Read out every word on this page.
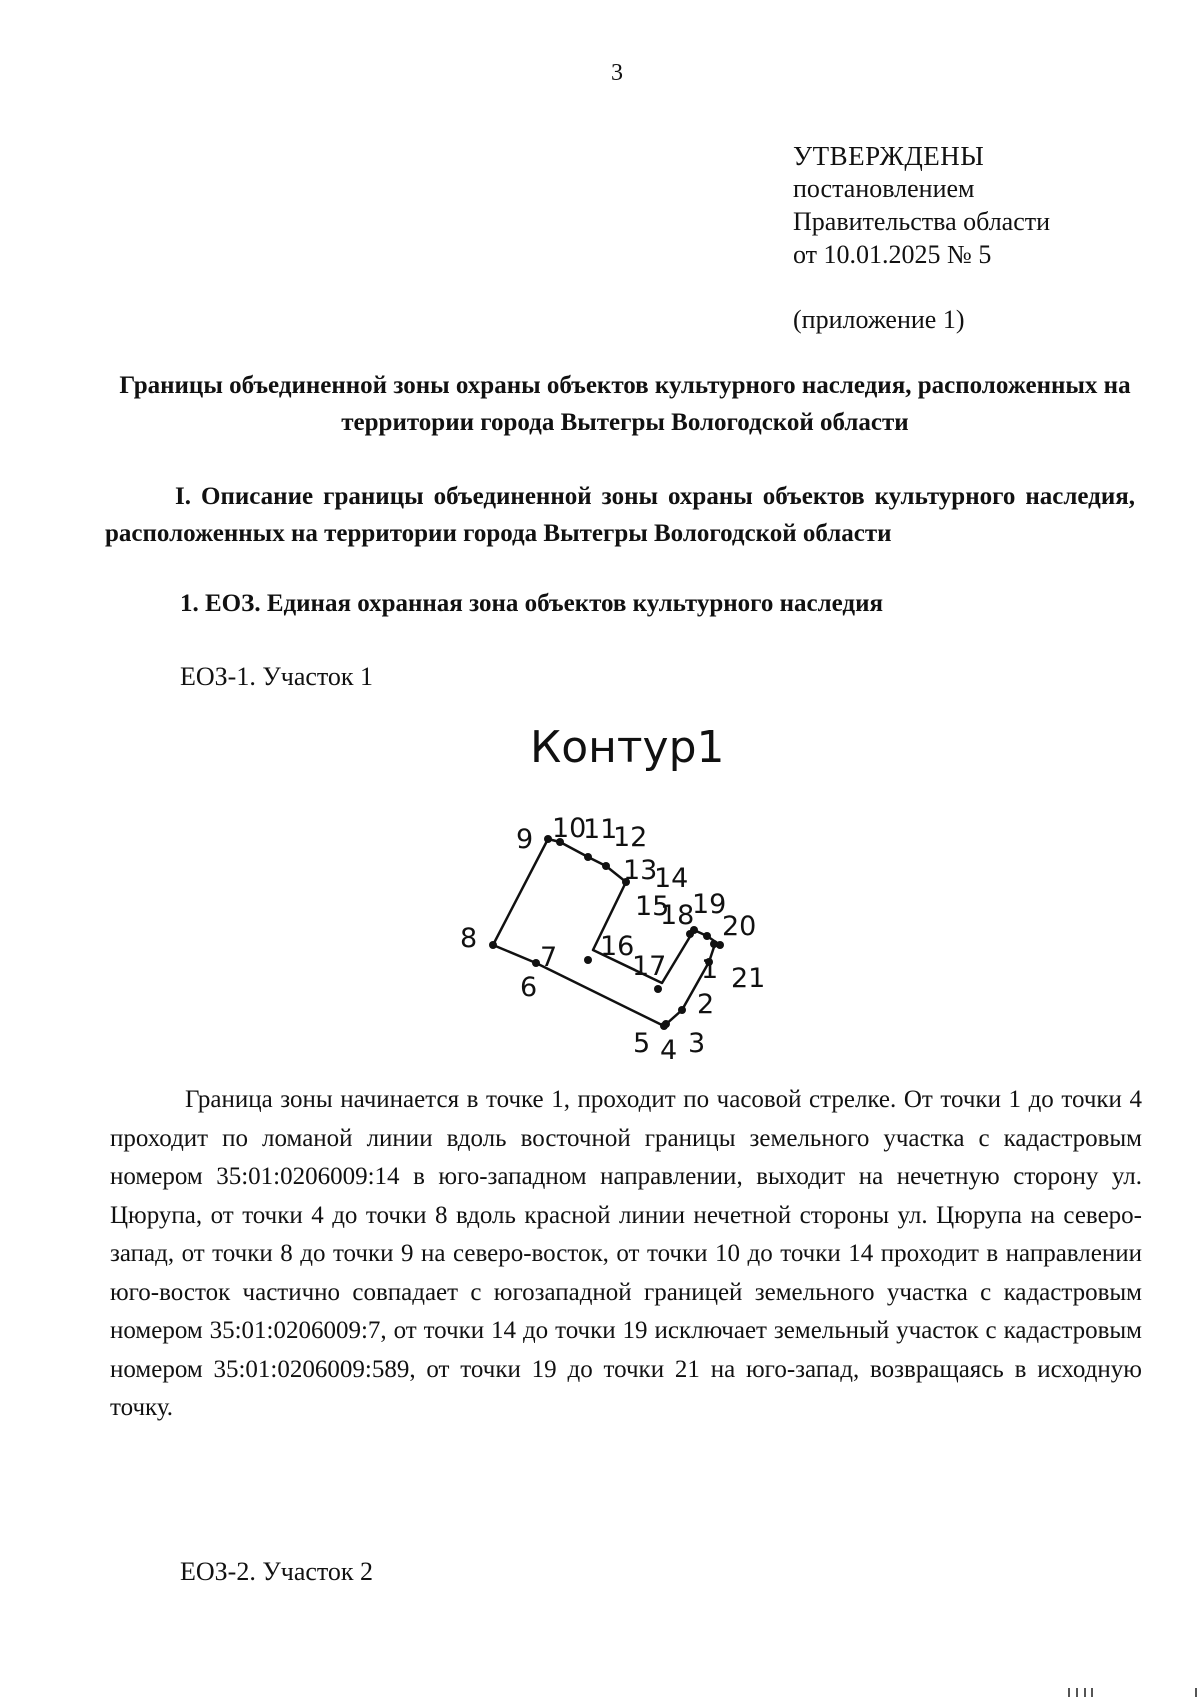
3
УТВЕРЖДЕНЫ
постановлением
Правительства области
от 10.01.2025 № 5
(приложение 1)
Границы объединенной зоны охраны объектов культурного наследия, расположенных на территории города Вытегры Вологодской области
I. Описание границы объединенной зоны охраны объектов культурного наследия, расположенных на территории города Вытегры Вологодской области
1. ЕОЗ. Единая охранная зона объектов культурного наследия
ЕОЗ-1. Участок 1
Контур1
1
2
3
4
5
6
7
8
9 10
11
12
13
14
15
16
17
18
19
20
21
Граница зоны начинается в точке 1, проходит по часовой стрелке. От точки 1 до точки 4 проходит по ломаной линии вдоль восточной границы земельного участка с кадастровым номером 35:01:0206009:14 в юго-западном направлении, выходит на нечетную сторону ул. Цюрупа, от точки 4 до точки 8 вдоль красной линии нечетной стороны ул. Цюрупа на северо-запад, от точки 8 до точки 9 на северо-восток, от точки 10 до точки 14 проходит в направлении юго-восток частично совпадает с югозападной границей земельного участка с кадастровым номером 35:01:0206009:7, от точки 14 до точки 19 исключает земельный участок с кадастровым номером 35:01:0206009:589, от точки 19 до точки 21 на юго-запад, возвращаясь в исходную точку.
ЕОЗ-2. Участок 2
